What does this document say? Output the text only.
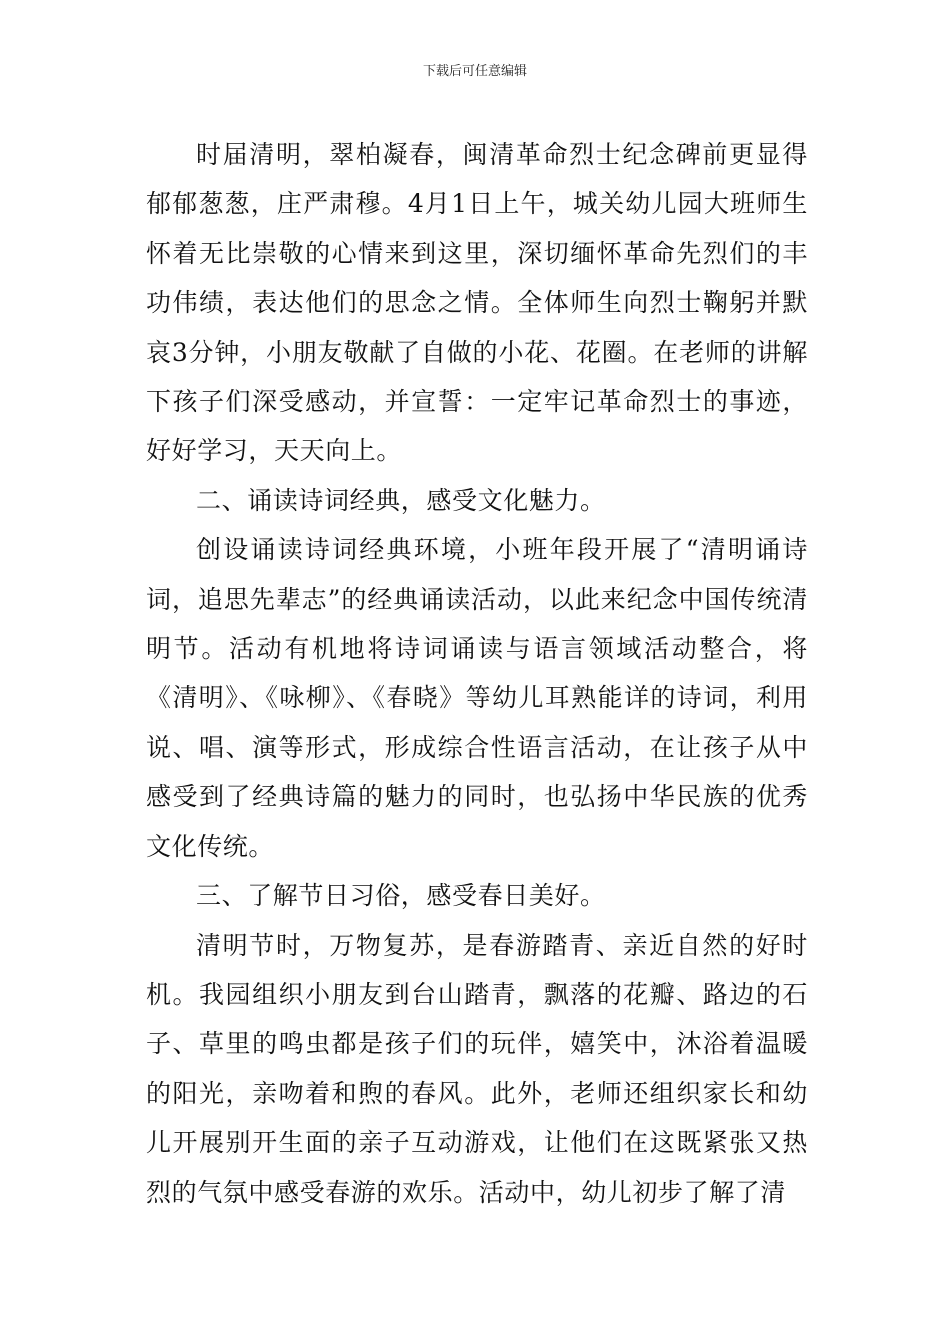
下载后可任意编辑

时届清明，翠柏凝春，闽清革命烈士纪念碑前更显得郁郁葱葱，庄严肃穆。4月1日上午，城关幼儿园大班师生怀着无比崇敬的心情来到这里，深切缅怀革命先烈们的丰功伟绩，表达他们的思念之情。全体师生向烈士鞠躬并默哀3分钟，小朋友敬献了自做的小花、花圈。在老师的讲解下孩子们深受感动，并宣誓：一定牢记革命烈士的事迹，好好学习，天天向上。

二、诵读诗词经典，感受文化魅力。

创设诵读诗词经典环境，小班年段开展了“清明诵诗词，追思先辈志”的经典诵读活动，以此来纪念中国传统清明节。活动有机地将诗词诵读与语言领域活动整合，将《清明》、《咏柳》、《春晓》等幼儿耳熟能详的诗词，利用说、唱、演等形式，形成综合性语言活动，在让孩子从中感受到了经典诗篇的魅力的同时，也弘扬中华民族的优秀文化传统。

三、了解节日习俗，感受春日美好。

清明节时，万物复苏，是春游踏青、亲近自然的好时机。我园组织小朋友到台山踏青，飘落的花瓣、路边的石子、草里的鸣虫都是孩子们的玩伴，嬉笑中，沐浴着温暖的阳光，亲吻着和煦的春风。此外，老师还组织家长和幼儿开展别开生面的亲子互动游戏，让他们在这既紧张又热烈的气氛中感受春游的欢乐。活动中，幼儿初步了解了清
